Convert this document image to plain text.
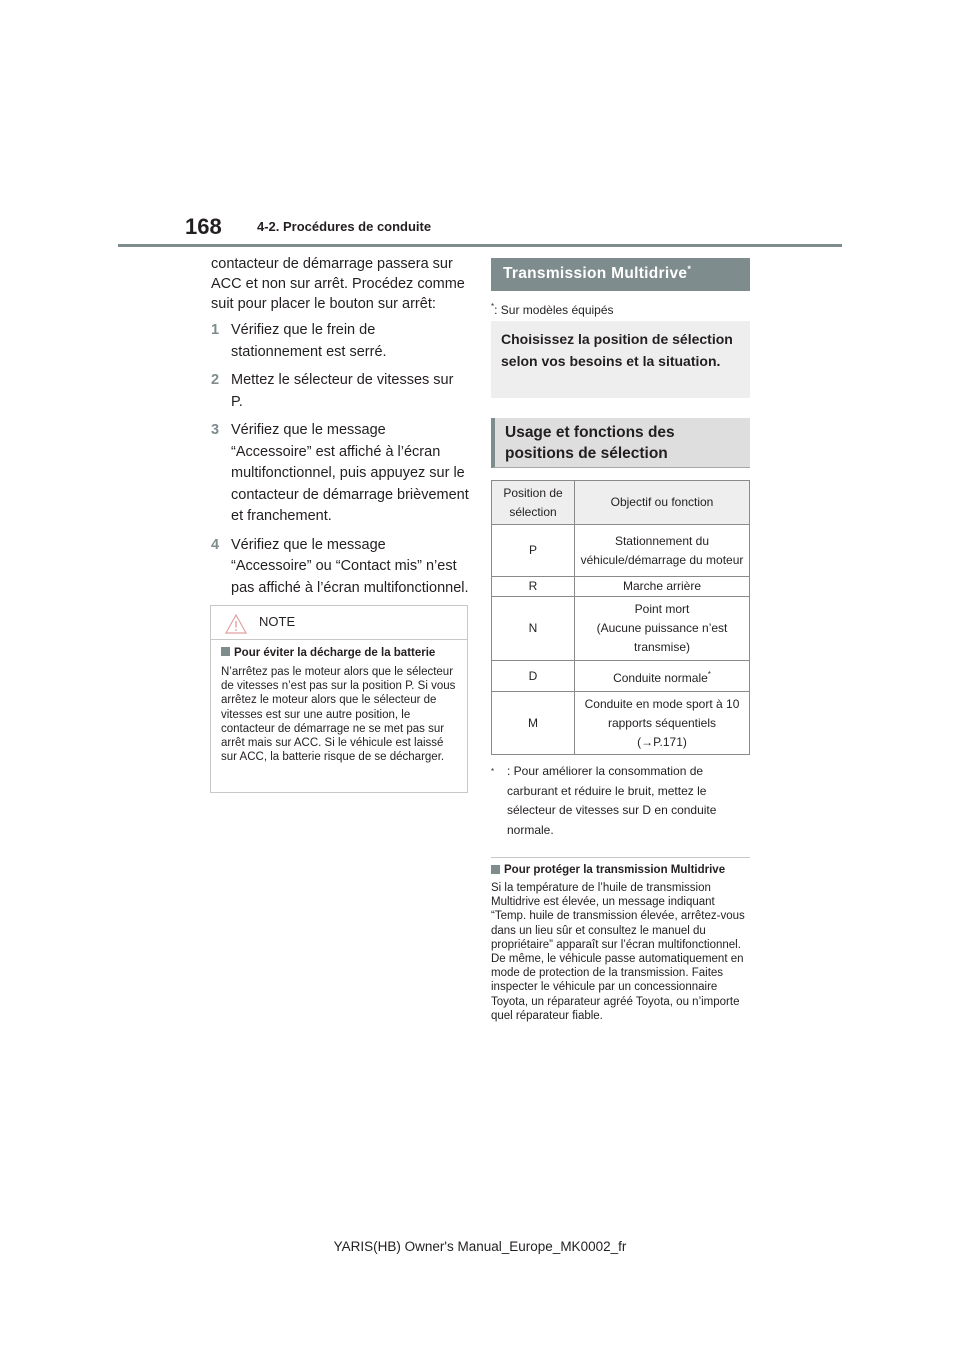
168	4-2. Procédures de conduite

contacteur de démarrage passera sur ACC et non sur arrêt. Procédez comme suit pour placer le bouton sur arrêt:

1 Vérifiez que le frein de stationnement est serré.
2 Mettez le sélecteur de vitesses sur P.
3 Vérifiez que le message “Accessoire” est affiché à l’écran multifonctionnel, puis appuyez sur le contacteur de démarrage brièvement et franchement.
4 Vérifiez que le message “Accessoire” ou “Contact mis” n’est pas affiché à l’écran multifonctionnel.
NOTE
Pour éviter la décharge de la batterie
N’arrêtez pas le moteur alors que le sélecteur de vitesses n’est pas sur la position P. Si vous arrêtez le moteur alors que le sélecteur de vitesses est sur une autre position, le contacteur de démarrage ne se met pas sur arrêt mais sur ACC. Si le véhicule est laissé sur ACC, la batterie risque de se décharger.
Transmission Multidrive*
*: Sur modèles équipés
Choisissez la position de sélection selon vos besoins et la situation.
Usage et fonctions des positions de sélection
Position de sélection	Objectif ou fonction
P	Stationnement du véhicule/démarrage du moteur
R	Marche arrière
N	Point mort
(Aucune puissance n’est transmise)
D	Conduite normale*
M	Conduite en mode sport à 10 rapports séquentiels
(→P.171)
*	: Pour améliorer la consommation de carburant et réduire le bruit, mettez le sélecteur de vitesses sur D en conduite normale.
Pour protéger la transmission Multidrive
Si la température de l’huile de transmission Multidrive est élevée, un message indiquant “Temp. huile de transmission élevée, arrêtez-vous dans un lieu sûr et consultez le manuel du propriétaire” apparaît sur l’écran multifonctionnel. De même, le véhicule passe automatiquement en mode de protection de la transmission. Faites inspecter le véhicule par un concessionnaire Toyota, un réparateur agréé Toyota, ou n’importe quel réparateur fiable.
YARIS(HB) Owner's Manual_Europe_MK0002_fr
